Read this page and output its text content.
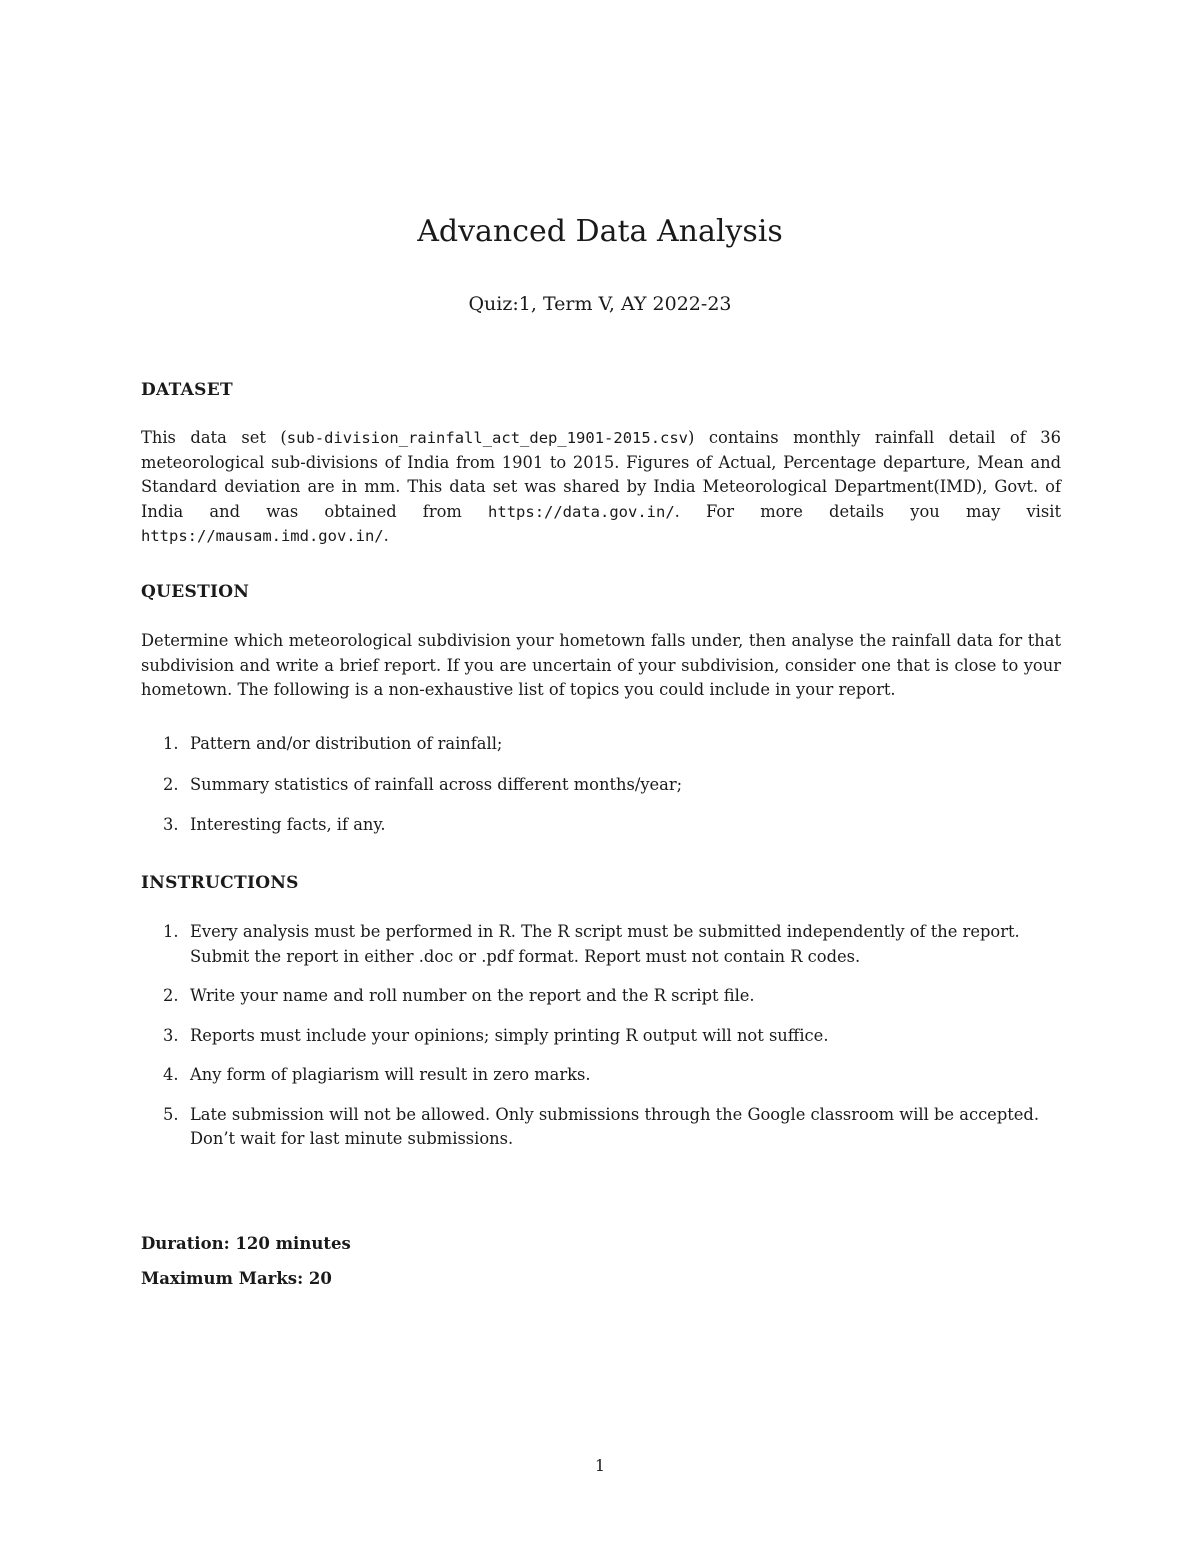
Advanced Data Analysis
Quiz:1, Term V, AY 2022-23
DATASET

This data set (sub-division_rainfall_act_dep_1901-2015.csv) contains monthly rainfall detail of 36 meteorological sub-divisions of India from 1901 to 2015. Figures of Actual, Percentage departure, Mean and Standard deviation are in mm. This data set was shared by India Meteorological Department(IMD), Govt. of India and was obtained from https://data.gov.in/. For more details you may visit https://mausam.imd.gov.in/.

QUESTION

Determine which meteorological subdivision your hometown falls under, then analyse the rainfall data for that subdivision and write a brief report. If you are uncertain of your subdivision, consider one that is close to your hometown. The following is a non-exhaustive list of topics you could include in your report.

1. Pattern and/or distribution of rainfall;
2. Summary statistics of rainfall across different months/year;
3. Interesting facts, if any.
INSTRUCTIONS
1. Every analysis must be performed in R. The R script must be submitted independently of the report. Submit the report in either .doc or .pdf format. Report must not contain R codes.
2. Write your name and roll number on the report and the R script file.
3. Reports must include your opinions; simply printing R output will not suffice.
4. Any form of plagiarism will result in zero marks.
5. Late submission will not be allowed. Only submissions through the Google classroom will be accepted. Don’t wait for last minute submissions.
Duration: 120 minutes
Maximum Marks: 20
1
